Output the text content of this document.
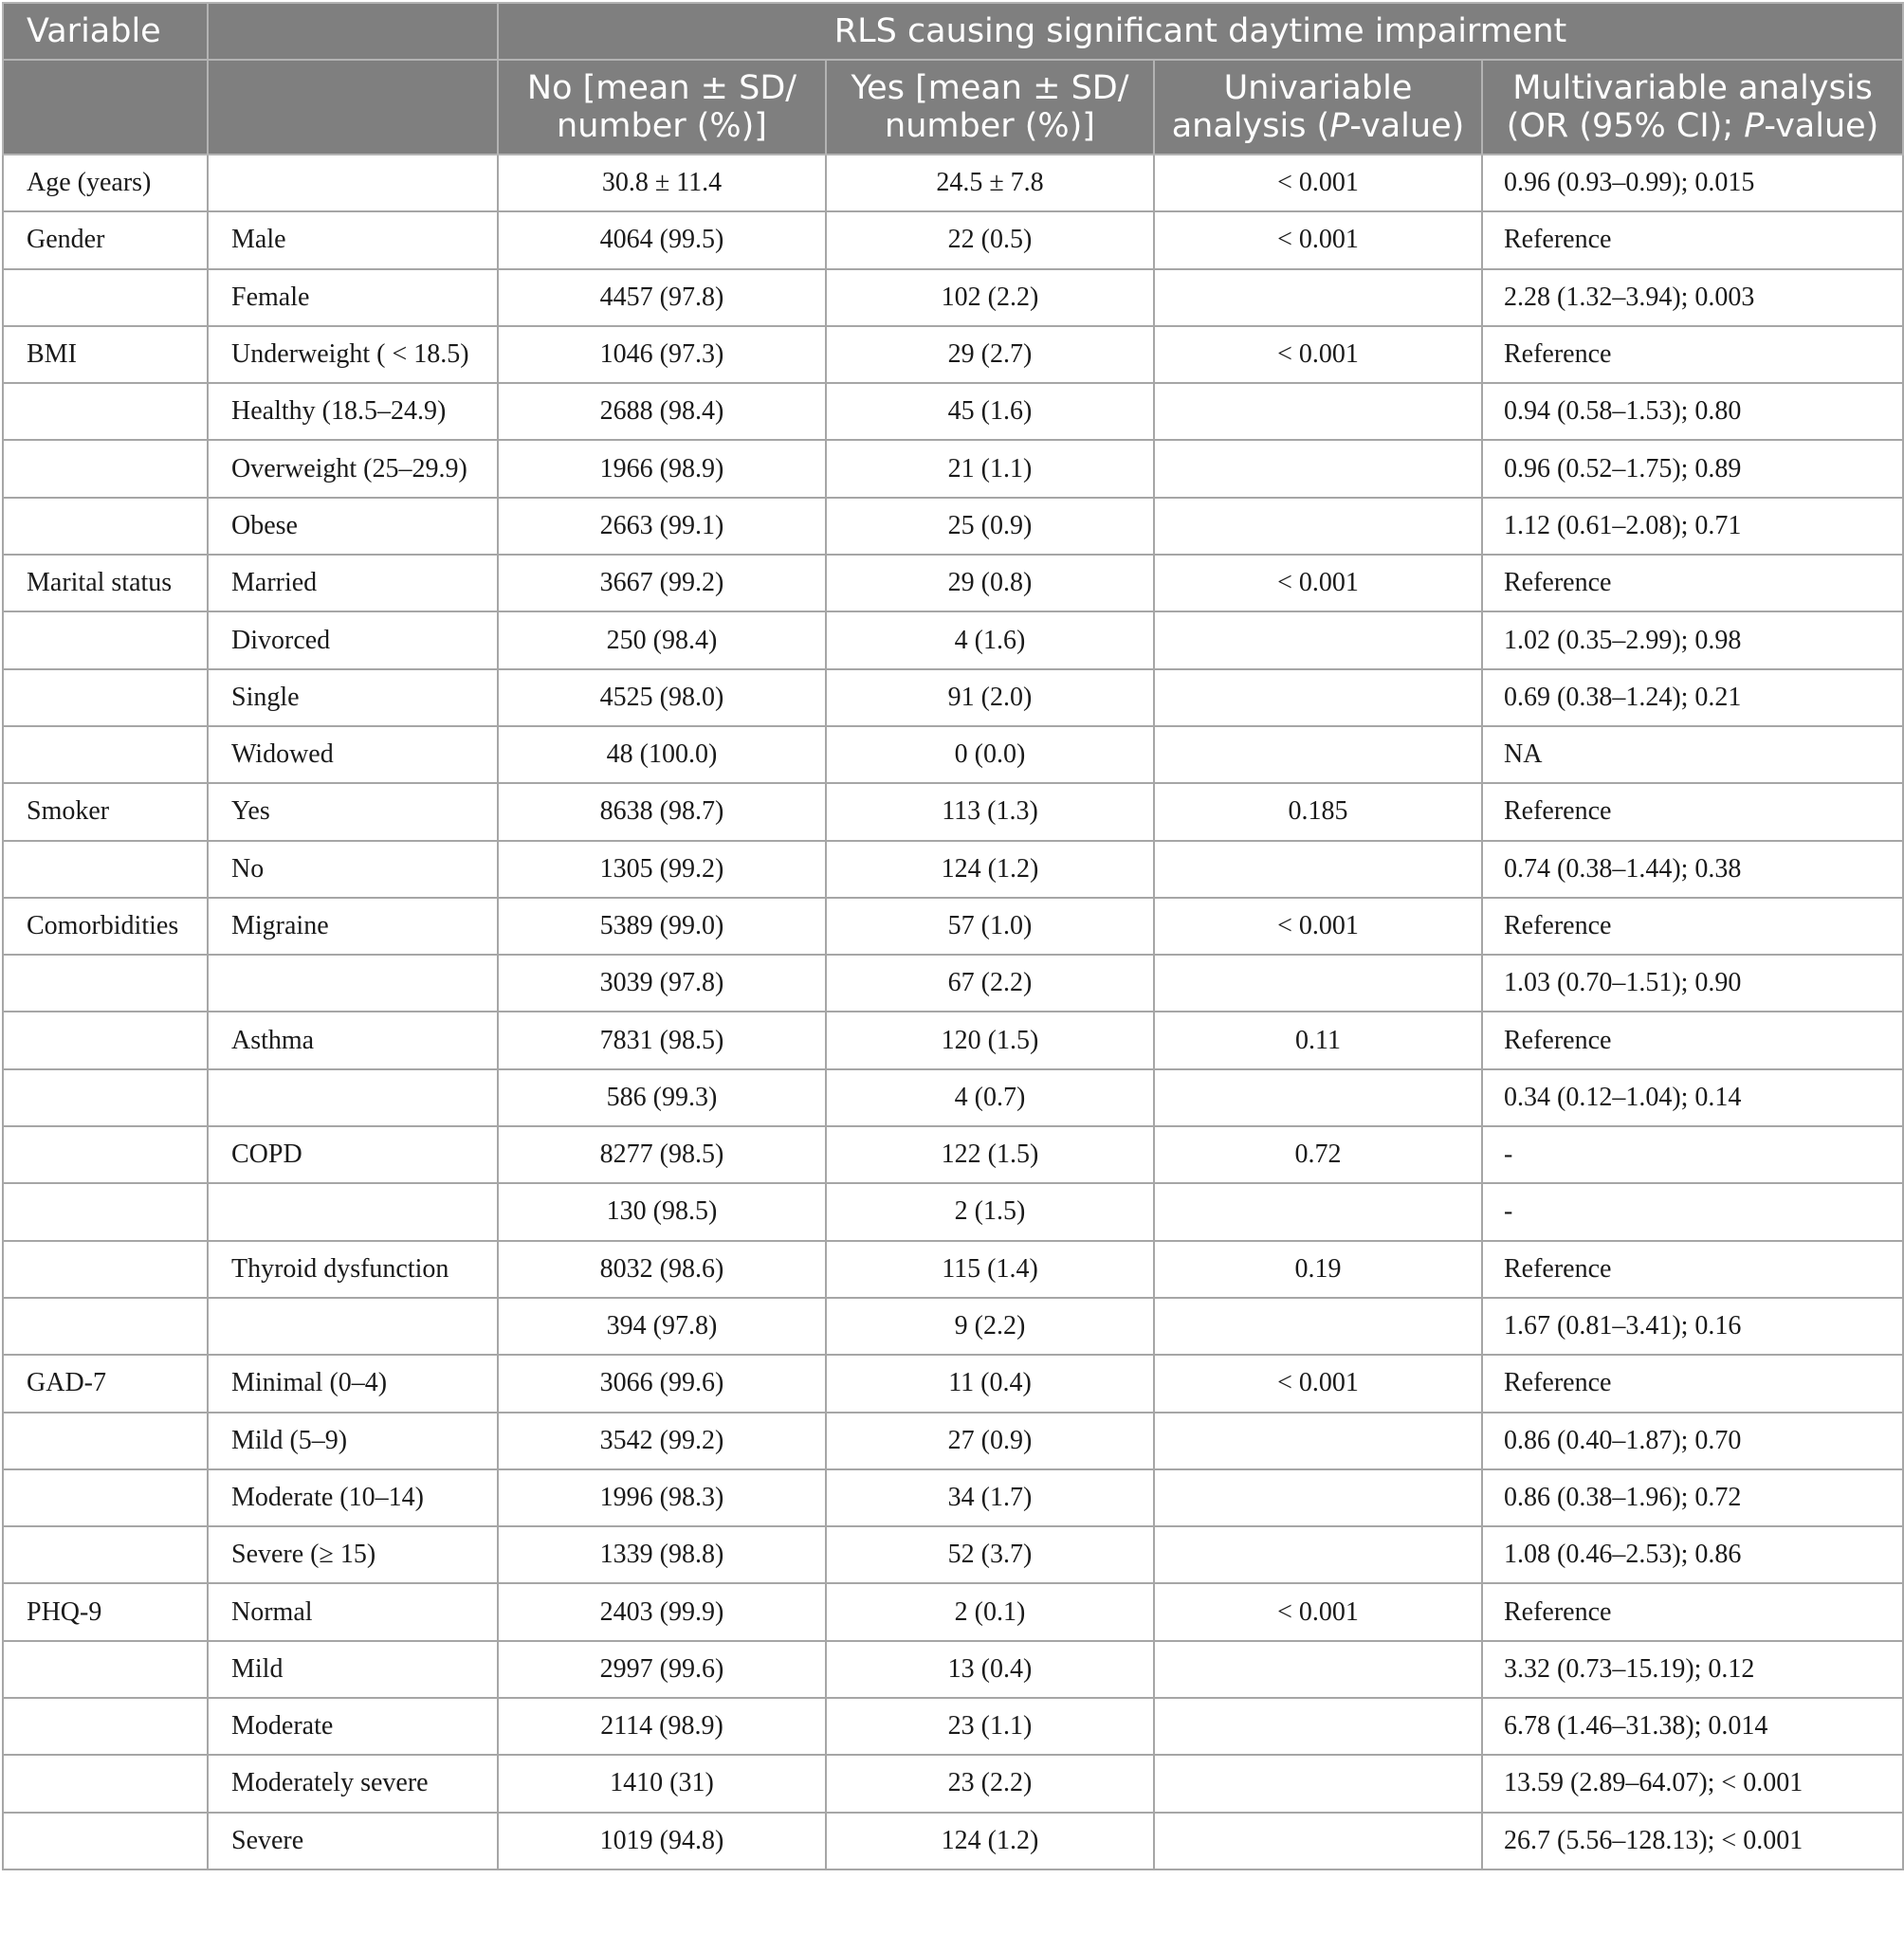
Variable		RLS causing significant daytime impairment			
		No [mean ± SD/ number (%)]	Yes [mean ± SD/ number (%)]	Univariable analysis (P-value)	Multivariable analysis (OR (95% CI); P-value)
Age (years)		30.8 ± 11.4	24.5 ± 7.8	< 0.001	0.96 (0.93–0.99); 0.015
Gender	Male	4064 (99.5)	22 (0.5)	< 0.001	Reference
	Female	4457 (97.8)	102 (2.2)		2.28 (1.32–3.94); 0.003
BMI	Underweight ( < 18.5)	1046 (97.3)	29 (2.7)	< 0.001	Reference
	Healthy (18.5–24.9)	2688 (98.4)	45 (1.6)		0.94 (0.58–1.53); 0.80
	Overweight (25–29.9)	1966 (98.9)	21 (1.1)		0.96 (0.52–1.75); 0.89
	Obese	2663 (99.1)	25 (0.9)		1.12 (0.61–2.08); 0.71
Marital status	Married	3667 (99.2)	29 (0.8)	< 0.001	Reference
	Divorced	250 (98.4)	4 (1.6)		1.02 (0.35–2.99); 0.98
	Single	4525 (98.0)	91 (2.0)		0.69 (0.38–1.24); 0.21
	Widowed	48 (100.0)	0 (0.0)		NA
Smoker	Yes	8638 (98.7)	113 (1.3)	0.185	Reference
	No	1305 (99.2)	124 (1.2)		0.74 (0.38–1.44); 0.38
Comorbidities	Migraine	5389 (99.0)	57 (1.0)	< 0.001	Reference
		3039 (97.8)	67 (2.2)		1.03 (0.70–1.51); 0.90
	Asthma	7831 (98.5)	120 (1.5)	0.11	Reference
		586 (99.3)	4 (0.7)		0.34 (0.12–1.04); 0.14
	COPD	8277 (98.5)	122 (1.5)	0.72	-
		130 (98.5)	2 (1.5)		-
	Thyroid dysfunction	8032 (98.6)	115 (1.4)	0.19	Reference
		394 (97.8)	9 (2.2)		1.67 (0.81–3.41); 0.16
GAD-7	Minimal (0–4)	3066 (99.6)	11 (0.4)	< 0.001	Reference
	Mild (5–9)	3542 (99.2)	27 (0.9)		0.86 (0.40–1.87); 0.70
	Moderate (10–14)	1996 (98.3)	34 (1.7)		0.86 (0.38–1.96); 0.72
	Severe (≥ 15)	1339 (98.8)	52 (3.7)		1.08 (0.46–2.53); 0.86
PHQ-9	Normal	2403 (99.9)	2 (0.1)	< 0.001	Reference
	Mild	2997 (99.6)	13 (0.4)		3.32 (0.73–15.19); 0.12
	Moderate	2114 (98.9)	23 (1.1)		6.78 (1.46–31.38); 0.014
	Moderately severe	1410 (31)	23 (2.2)		13.59 (2.89–64.07); < 0.001
	Severe	1019 (94.8)	124 (1.2)		26.7 (5.56–128.13); < 0.001
